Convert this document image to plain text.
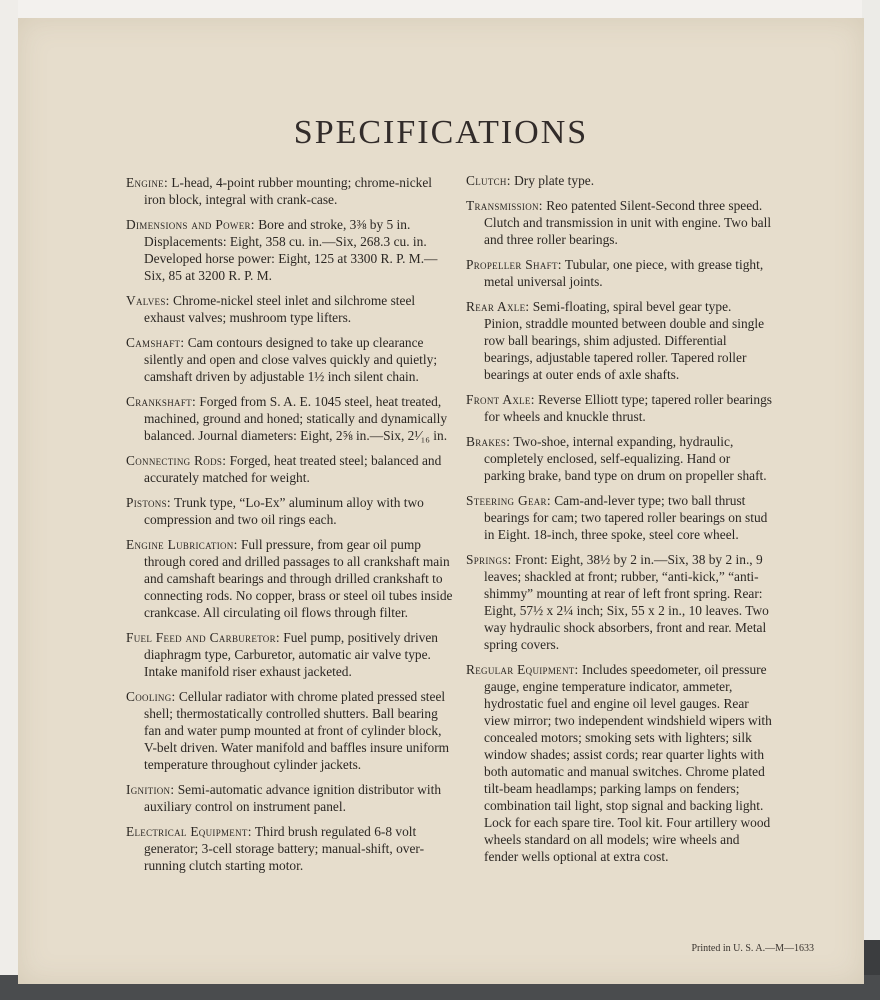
SPECIFICATIONS

Engine: L-head, 4-point rubber mounting; chrome-nickel iron block, integral with crank-case.

Dimensions and Power: Bore and stroke, 3⅜ by 5 in. Displacements: Eight, 358 cu. in.—Six, 268.3 cu. in. Developed horse power: Eight, 125 at 3300 R. P. M.—Six, 85 at 3200 R. P. M.

Valves: Chrome-nickel steel inlet and silchrome steel exhaust valves; mushroom type lifters.

Camshaft: Cam contours designed to take up clearance silently and open and close valves quickly and quietly; camshaft driven by adjustable 1½ inch silent chain.

Crankshaft: Forged from S. A. E. 1045 steel, heat treated, machined, ground and honed; statically and dynamically balanced. Journal diameters: Eight, 2⅝ in.—Six, 2¹⁄₁₆ in.

Connecting Rods: Forged, heat treated steel; balanced and accurately matched for weight.

Pistons: Trunk type, “Lo-Ex” aluminum alloy with two compression and two oil rings each.

Engine Lubrication: Full pressure, from gear oil pump through cored and drilled passages to all crankshaft main and camshaft bearings and through drilled crankshaft to connecting rods. No copper, brass or steel oil tubes inside crankcase. All circulating oil flows through filter.

Fuel Feed and Carburetor: Fuel pump, positively driven diaphragm type, Carburetor, automatic air valve type. Intake manifold riser exhaust jacketed.

Cooling: Cellular radiator with chrome plated pressed steel shell; thermostatically controlled shutters. Ball bearing fan and water pump mounted at front of cylinder block, V-belt driven. Water manifold and baffles insure uniform temperature throughout cylinder jackets.

Ignition: Semi-automatic advance ignition distributor with auxiliary control on instrument panel.

Electrical Equipment: Third brush regulated 6-8 volt generator; 3-cell storage battery; manual-shift, over-running clutch starting motor.

Clutch: Dry plate type.

Transmission: Reo patented Silent-Second three speed. Clutch and transmission in unit with engine. Two ball and three roller bearings.

Propeller Shaft: Tubular, one piece, with grease tight, metal universal joints.

Rear Axle: Semi-floating, spiral bevel gear type. Pinion, straddle mounted between double and single row ball bearings, shim adjusted. Differential bearings, adjustable tapered roller. Tapered roller bearings at outer ends of axle shafts.

Front Axle: Reverse Elliott type; tapered roller bearings for wheels and knuckle thrust.

Brakes: Two-shoe, internal expanding, hydraulic, completely enclosed, self-equalizing. Hand or parking brake, band type on drum on propeller shaft.

Steering Gear: Cam-and-lever type; two ball thrust bearings for cam; two tapered roller bearings on stud in Eight. 18-inch, three spoke, steel core wheel.

Springs: Front: Eight, 38½ by 2 in.—Six, 38 by 2 in., 9 leaves; shackled at front; rubber, “anti-kick,” “anti-shimmy” mounting at rear of left front spring. Rear: Eight, 57½ x 2¼ inch; Six, 55 x 2 in., 10 leaves. Two way hydraulic shock absorbers, front and rear. Metal spring covers.

Regular Equipment: Includes speedometer, oil pressure gauge, engine temperature indicator, ammeter, hydrostatic fuel and engine oil level gauges. Rear view mirror; two independent windshield wipers with concealed motors; smoking sets with lighters; silk window shades; assist cords; rear quarter lights with both automatic and manual switches. Chrome plated tilt-beam headlamps; parking lamps on fenders; combination tail light, stop signal and backing light. Lock for each spare tire. Tool kit. Four artillery wood wheels standard on all models; wire wheels and fender wells optional at extra cost.

Printed in U. S. A.—M—1633
